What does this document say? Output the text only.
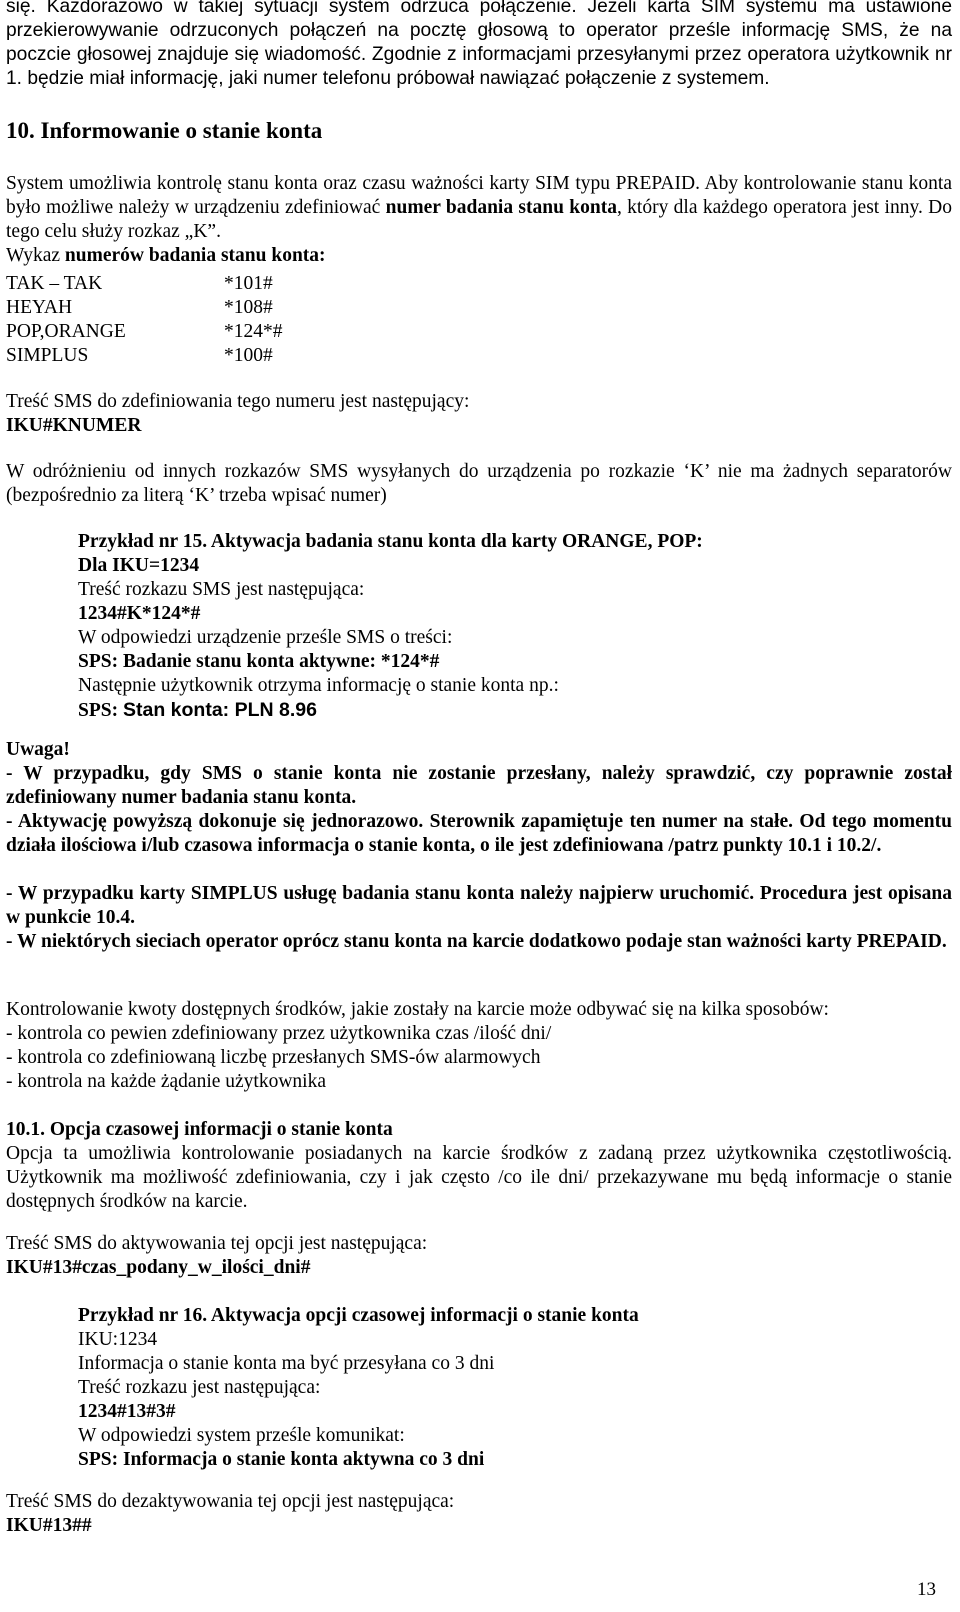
się. Każdorazowo w takiej sytuacji system odrzuca połączenie. Jeżeli karta SIM systemu ma ustawione przekierowywanie odrzuconych połączeń na pocztę głosową to operator prześle informację SMS, że na poczcie głosowej znajduje się wiadomość. Zgodnie z informacjami przesyłanymi przez operatora użytkownik nr 1. będzie miał informację, jaki numer telefonu próbował nawiązać połączenie z systemem.

10. Informowanie o stanie konta

System umożliwia kontrolę stanu konta oraz czasu ważności karty SIM typu PREPAID. Aby kontrolowanie stanu konta było możliwe należy w urządzeniu zdefiniować numer badania stanu konta, który dla każdego operatora jest inny. Do tego celu służy rozkaz „K”.

Wykaz numerów badania stanu konta:

TAK – TAK	*101#
HEYAH	*108#
POP,ORANGE	*124*#
SIMPLUS	*100#

Treść SMS do zdefiniowania tego numeru jest następujący:

IKU#KNUMER

W odróżnieniu od innych rozkazów SMS wysyłanych do urządzenia po rozkazie ‘K’ nie ma żadnych separatorów (bezpośrednio za literą ‘K’ trzeba wpisać numer)

Przykład nr 15. Aktywacja badania stanu konta dla karty ORANGE, POP:
Dla IKU=1234
Treść rozkazu SMS jest następująca:
1234#K*124*#
W odpowiedzi urządzenie prześle SMS o treści:
SPS: Badanie stanu konta aktywne: *124*#
Następnie użytkownik otrzyma informację o stanie konta np.:
SPS: Stan konta: PLN 8.96

Uwaga!

- W przypadku, gdy SMS o stanie konta nie zostanie przesłany, należy sprawdzić, czy poprawnie został zdefiniowany numer badania stanu konta.

- Aktywację powyższą dokonuje się jednorazowo. Sterownik zapamiętuje ten numer na stałe. Od tego momentu działa ilościowa i/lub czasowa informacja o stanie konta, o ile jest zdefiniowana /patrz punkty 10.1 i 10.2/.

- W przypadku karty SIMPLUS usługę badania stanu konta należy najpierw uruchomić. Procedura jest opisana w punkcie 10.4.

- W niektórych sieciach operator oprócz stanu konta na karcie dodatkowo podaje stan ważności karty PREPAID.

Kontrolowanie kwoty dostępnych środków, jakie zostały na karcie może odbywać się na kilka sposobów:

- kontrola co pewien zdefiniowany przez użytkownika czas /ilość dni/

- kontrola co zdefiniowaną liczbę przesłanych SMS-ów alarmowych

- kontrola na każde żądanie użytkownika

10.1. Opcja czasowej informacji o stanie konta

Opcja ta umożliwia kontrolowanie posiadanych na karcie środków z zadaną przez użytkownika częstotliwością. Użytkownik ma możliwość zdefiniowania, czy i jak często /co ile dni/ przekazywane mu będą informacje o stanie dostępnych środków na karcie.

Treść SMS do aktywowania tej opcji jest następująca:

IKU#13#czas_podany_w_ilości_dni#

Przykład nr 16. Aktywacja opcji czasowej informacji o stanie konta
IKU:1234
Informacja o stanie konta ma być przesyłana co 3 dni
Treść rozkazu jest następująca:
1234#13#3#
W odpowiedzi system prześle komunikat:
SPS: Informacja o stanie konta aktywna co 3 dni

Treść SMS do dezaktywowania tej opcji jest następująca:

IKU#13##

13
